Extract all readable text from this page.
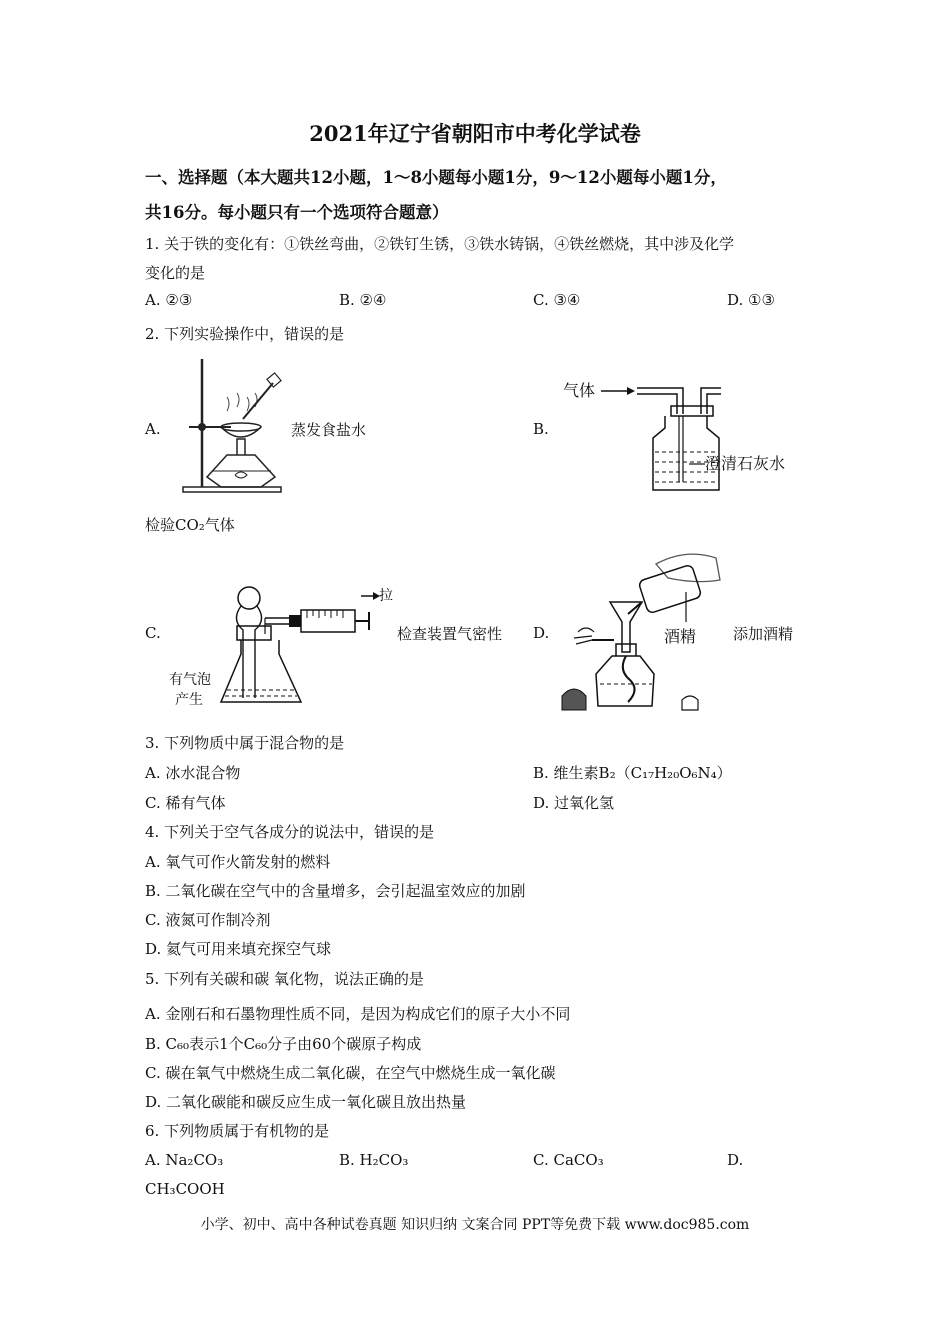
2021年辽宁省朝阳市中考化学试卷
一、选择题（本大题共12小题，1～8小题每小题1分，9～12小题每小题1分，
共16分。每小题只有一个选项符合题意）
1. 关于铁的变化有：①铁丝弯曲，②铁钉生锈，③铁水铸锅，④铁丝燃烧，其中涉及化学
变化的是
A. ②③	B. ②④	C. ③④	D. ①③
2. 下列实验操作中，错误的是
A.	蒸发食盐水	B.
气体
澄清石灰水
检验CO₂气体
C.
拉
有气泡
产生
检查装置气密性 D.	酒精 添加酒精
3. 下列物质中属于混合物的是
A. 冰水混合物	B. 维生素B₂（C₁₇H₂₀O₆N₄）
C. 稀有气体	D. 过氧化氢
4. 下列关于空气各成分的说法中，错误的是
A. 氧气可作火箭发射的燃料
B. 二氧化碳在空气中的含量增多，会引起温室效应的加剧
C. 液氮可作制冷剂
D. 氦气可用来填充探空气球
5. 下列有关碳和碳 氧化物，说法正确的是
A. 金刚石和石墨物理性质不同，是因为构成它们的原子大小不同
B. C₆₀表示1个C₆₀分子由60个碳原子构成
C. 碳在氧气中燃烧生成二氧化碳，在空气中燃烧生成一氧化碳
D. 二氧化碳能和碳反应生成一氧化碳且放出热量
6. 下列物质属于有机物的是
A. Na₂CO₃	B. H₂CO₃	C. CaCO₃	D.
CH₃COOH
小学、初中、高中各种试卷真题 知识归纳 文案合同 PPT等免费下载 www.doc985.com
